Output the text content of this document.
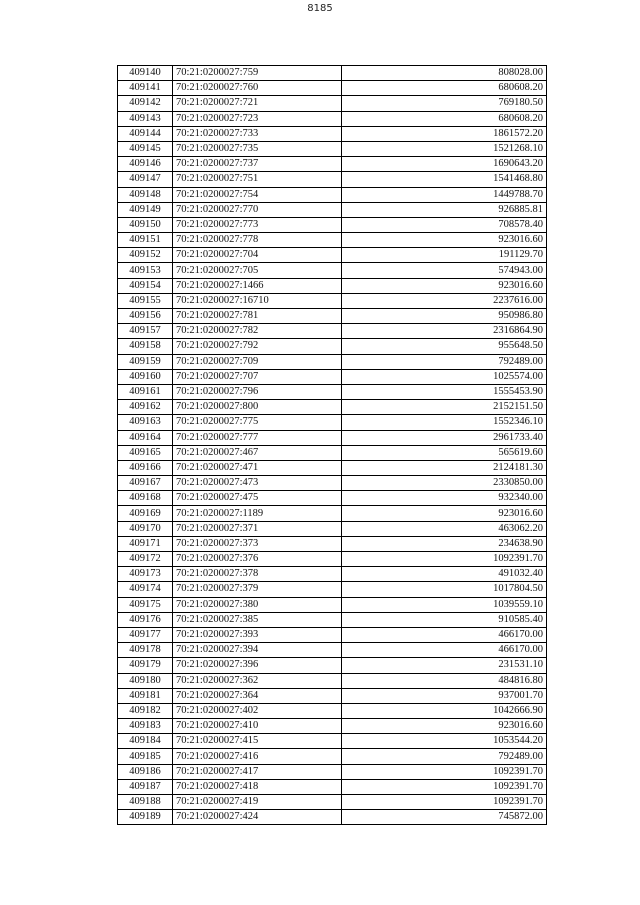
8185
409140	70:21:0200027:759	808028.00
409141	70:21:0200027:760	680608.20
409142	70:21:0200027:721	769180.50
409143	70:21:0200027:723	680608.20
409144	70:21:0200027:733	1861572.20
409145	70:21:0200027:735	1521268.10
409146	70:21:0200027:737	1690643.20
409147	70:21:0200027:751	1541468.80
409148	70:21:0200027:754	1449788.70
409149	70:21:0200027:770	926885.81
409150	70:21:0200027:773	708578.40
409151	70:21:0200027:778	923016.60
409152	70:21:0200027:704	191129.70
409153	70:21:0200027:705	574943.00
409154	70:21:0200027:1466	923016.60
409155	70:21:0200027:16710	2237616.00
409156	70:21:0200027:781	950986.80
409157	70:21:0200027:782	2316864.90
409158	70:21:0200027:792	955648.50
409159	70:21:0200027:709	792489.00
409160	70:21:0200027:707	1025574.00
409161	70:21:0200027:796	1555453.90
409162	70:21:0200027:800	2152151.50
409163	70:21:0200027:775	1552346.10
409164	70:21:0200027:777	2961733.40
409165	70:21:0200027:467	565619.60
409166	70:21:0200027:471	2124181.30
409167	70:21:0200027:473	2330850.00
409168	70:21:0200027:475	932340.00
409169	70:21:0200027:1189	923016.60
409170	70:21:0200027:371	463062.20
409171	70:21:0200027:373	234638.90
409172	70:21:0200027:376	1092391.70
409173	70:21:0200027:378	491032.40
409174	70:21:0200027:379	1017804.50
409175	70:21:0200027:380	1039559.10
409176	70:21:0200027:385	910585.40
409177	70:21:0200027:393	466170.00
409178	70:21:0200027:394	466170.00
409179	70:21:0200027:396	231531.10
409180	70:21:0200027:362	484816.80
409181	70:21:0200027:364	937001.70
409182	70:21:0200027:402	1042666.90
409183	70:21:0200027:410	923016.60
409184	70:21:0200027:415	1053544.20
409185	70:21:0200027:416	792489.00
409186	70:21:0200027:417	1092391.70
409187	70:21:0200027:418	1092391.70
409188	70:21:0200027:419	1092391.70
409189	70:21:0200027:424	745872.00
